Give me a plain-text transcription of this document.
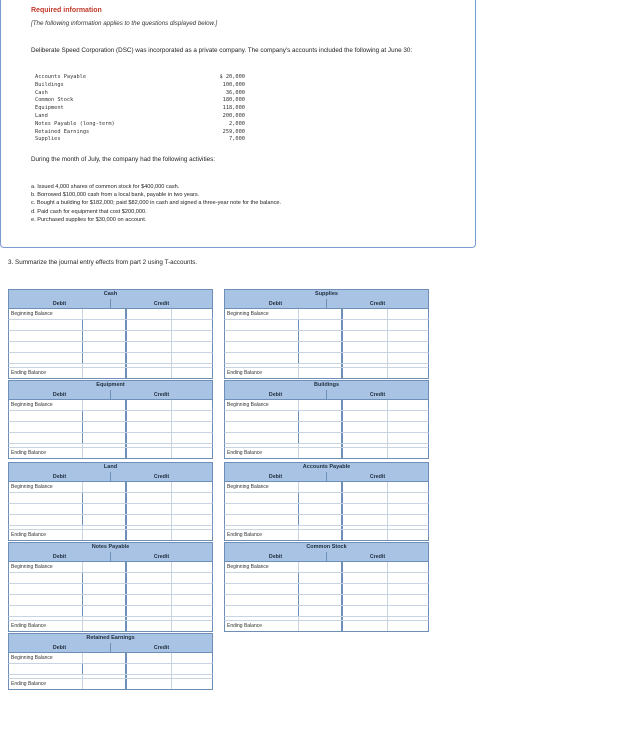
Required information
[The following information applies to the questions displayed below.]
Deliberate Speed Corporation (DSC) was incorporated as a private company. The company's accounts included the following at June 30:
Accounts Payable	$ 20,000
Buildings	100,000
Cash	36,000
Common Stock	180,000
Equipment	118,000
Land	200,000
Notes Payable (long-term)	2,000
Retained Earnings	259,000
Supplies	7,000
During the month of July, the company had the following activities:
a. Issued 4,000 shares of common stock for $400,000 cash.
b. Borrowed $100,000 cash from a local bank, payable in two years.
c. Bought a building for $182,000; paid $82,000 in cash and signed a three-year note for the balance.
d. Paid cash for equipment that cost $200,000.
e. Purchased supplies for $30,000 on account.
3. Summarize the journal entry effects from part 2 using T-accounts.
Cash
Debit	Credit
Beginning Balance
Ending Balance
Supplies
Debit	Credit
Beginning Balance
Ending Balance
Equipment
Debit	Credit
Beginning Balance
Ending Balance
Buildings
Debit	Credit
Beginning Balance
Ending Balance
Land
Debit	Credit
Beginning Balance
Ending Balance
Accounts Payable
Debit	Credit
Beginning Balance
Ending Balance
Notes Payable
Debit	Credit
Beginning Balance
Ending Balance
Common Stock
Debit	Credit
Beginning Balance
Ending Balance
Retained Earnings
Debit	Credit
Beginning Balance
Ending Balance
